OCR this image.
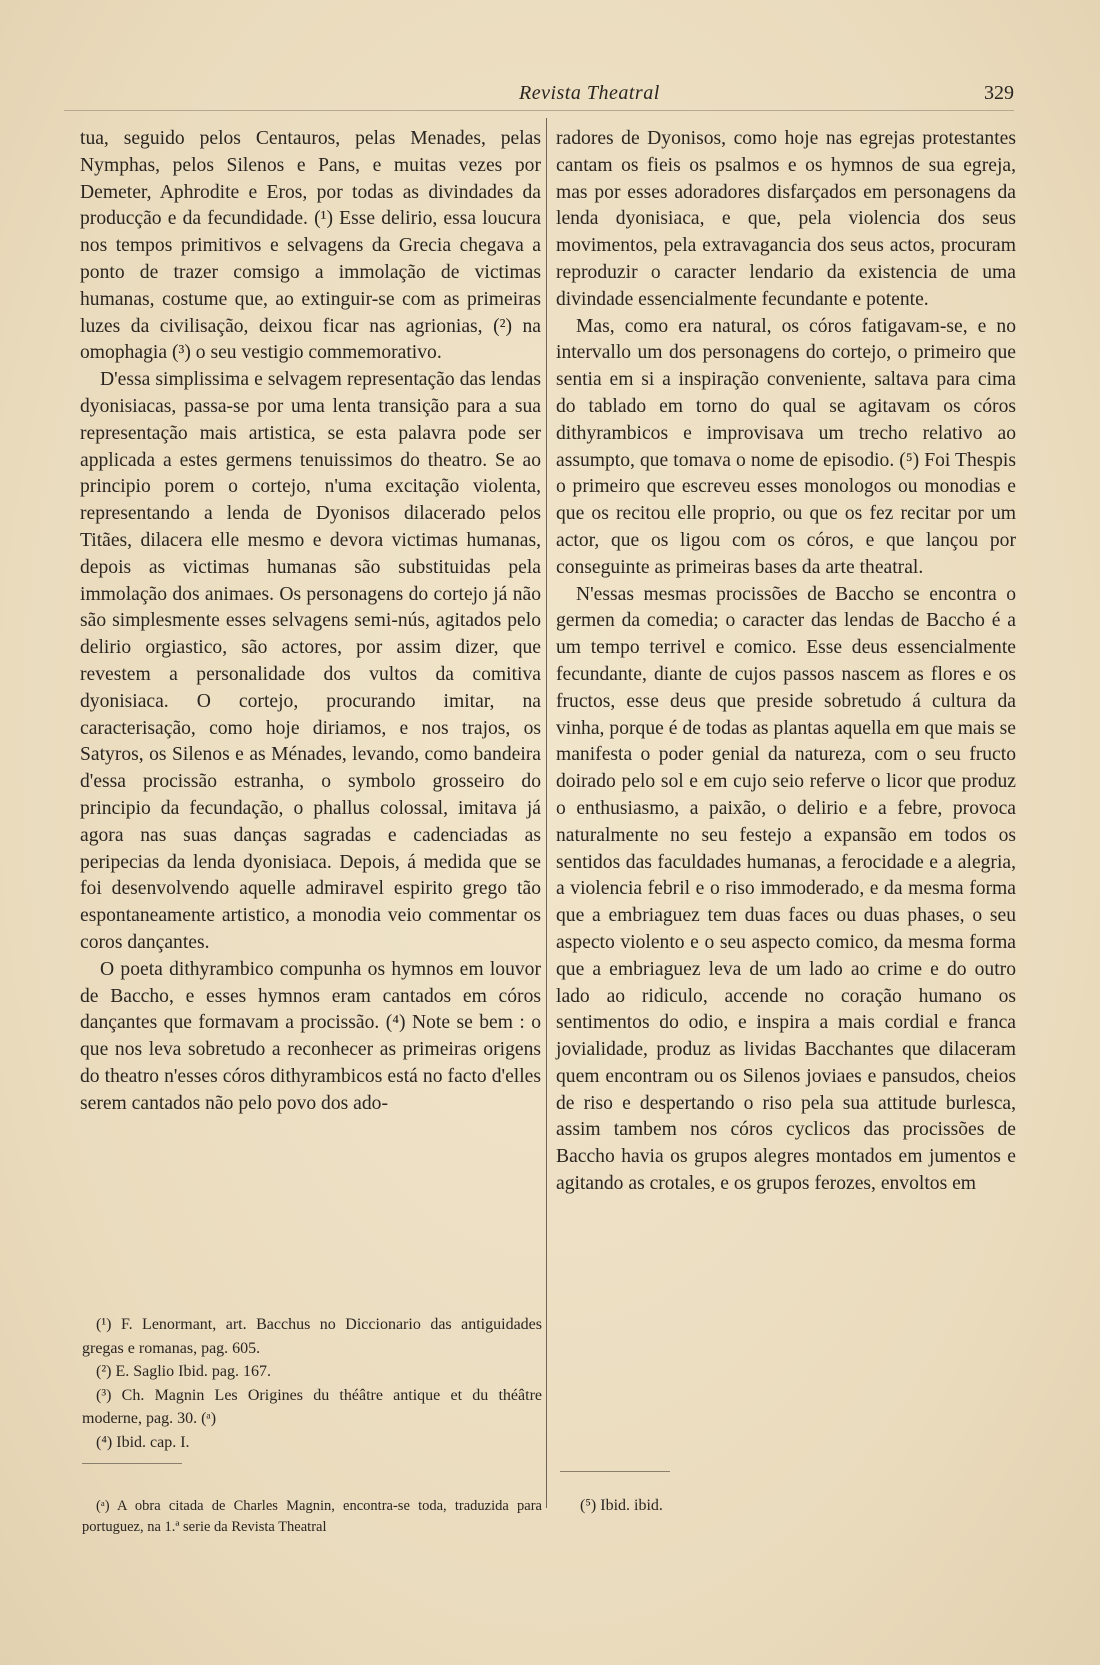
Revista Theatral	329

tua, seguido pelos Centauros, pelas Menades, pelas Nymphas, pelos Silenos e Pans, e muitas vezes por Demeter, Aphrodite e Eros, por todas as divindades da producção e da fecundidade. (¹) Esse delirio, essa loucura nos tempos primitivos e selvagens da Grecia chegava a ponto de trazer comsigo a immolação de victimas humanas, costume que, ao extinguir-se com as primeiras luzes da civilisação, deixou ficar nas agrionias, (²) na omophagia (³) o seu vestigio commemorativo.

D'essa simplissima e selvagem representação das lendas dyonisiacas, passa-se por uma lenta transição para a sua representação mais artistica, se esta palavra pode ser applicada a estes germens tenuissimos do theatro. Se ao principio porem o cortejo, n'uma excitação violenta, representando a lenda de Dyonisos dilacerado pelos Titães, dilacera elle mesmo e devora victimas humanas, depois as victimas humanas são substituidas pela immolação dos animaes. Os personagens do cortejo já não são simplesmente esses selvagens semi-nús, agitados pelo delirio orgiastico, são actores, por assim dizer, que revestem a personalidade dos vultos da comitiva dyonisiaca. O cortejo, procurando imitar, na caracterisação, como hoje diriamos, e nos trajos, os Satyros, os Silenos e as Ménades, levando, como bandeira d'essa procissão estranha, o symbolo grosseiro do principio da fecundação, o phallus colossal, imitava já agora nas suas danças sagradas e cadenciadas as peripecias da lenda dyonisiaca. Depois, á medida que se foi desenvolvendo aquelle admiravel espirito grego tão espontaneamente artistico, a monodia veio commentar os coros dançantes.

O poeta dithyrambico compunha os hymnos em louvor de Baccho, e esses hymnos eram cantados em córos dançantes que formavam a procissão. (⁴) Note se bem : o que nos leva sobretudo a reconhecer as primeiras origens do theatro n'esses córos dithyrambicos está no facto d'elles serem cantados não pelo povo dos ado-

radores de Dyonisos, como hoje nas egrejas protestantes cantam os fieis os psalmos e os hymnos de sua egreja, mas por esses adoradores disfarçados em personagens da lenda dyonisiaca, e que, pela violencia dos seus movimentos, pela extravagancia dos seus actos, procuram reproduzir o caracter lendario da existencia de uma divindade essencialmente fecundante e potente.

Mas, como era natural, os córos fatigavam-se, e no intervallo um dos personagens do cortejo, o primeiro que sentia em si a inspiração conveniente, saltava para cima do tablado em torno do qual se agitavam os córos dithyrambicos e improvisava um trecho relativo ao assumpto, que tomava o nome de episodio. (⁵) Foi Thespis o primeiro que escreveu esses monologos ou monodias e que os recitou elle proprio, ou que os fez recitar por um actor, que os ligou com os córos, e que lançou por conseguinte as primeiras bases da arte theatral.

N'essas mesmas procissões de Baccho se encontra o germen da comedia; o caracter das lendas de Baccho é a um tempo terrivel e comico. Esse deus essencialmente fecundante, diante de cujos passos nascem as flores e os fructos, esse deus que preside sobretudo á cultura da vinha, porque é de todas as plantas aquella em que mais se manifesta o poder genial da natureza, com o seu fructo doirado pelo sol e em cujo seio referve o licor que produz o enthusiasmo, a paixão, o delirio e a febre, provoca naturalmente no seu festejo a expansão em todos os sentidos das faculdades humanas, a ferocidade e a alegria, a violencia febril e o riso immoderado, e da mesma forma que a embriaguez tem duas faces ou duas phases, o seu aspecto violento e o seu aspecto comico, da mesma forma que a embriaguez leva de um lado ao crime e do outro lado ao ridiculo, accende no coração humano os sentimentos do odio, e inspira a mais cordial e franca jovialidade, produz as lividas Bacchantes que dilaceram quem encontram ou os Silenos joviaes e pansudos, cheios de riso e despertando o riso pela sua attitude burlesca, assim tambem nos córos cyclicos das procissões de Baccho havia os grupos alegres montados em jumentos e agitando as crotales, e os grupos ferozes, envoltos em

(¹) F. Lenormant, art. Bacchus no Diccionario das antiguidades gregas e romanas, pag. 605.

(²) E. Saglio Ibid. pag. 167.

(³) Ch. Magnin Les Origines du théâtre antique et du théâtre moderne, pag. 30. (ᵃ)

(⁴) Ibid. cap. I.

(ᵃ) A obra citada de Charles Magnin, encontra-se toda, traduzida para portuguez, na 1.ª serie da Revista Theatral

(⁵) Ibid. ibid.
